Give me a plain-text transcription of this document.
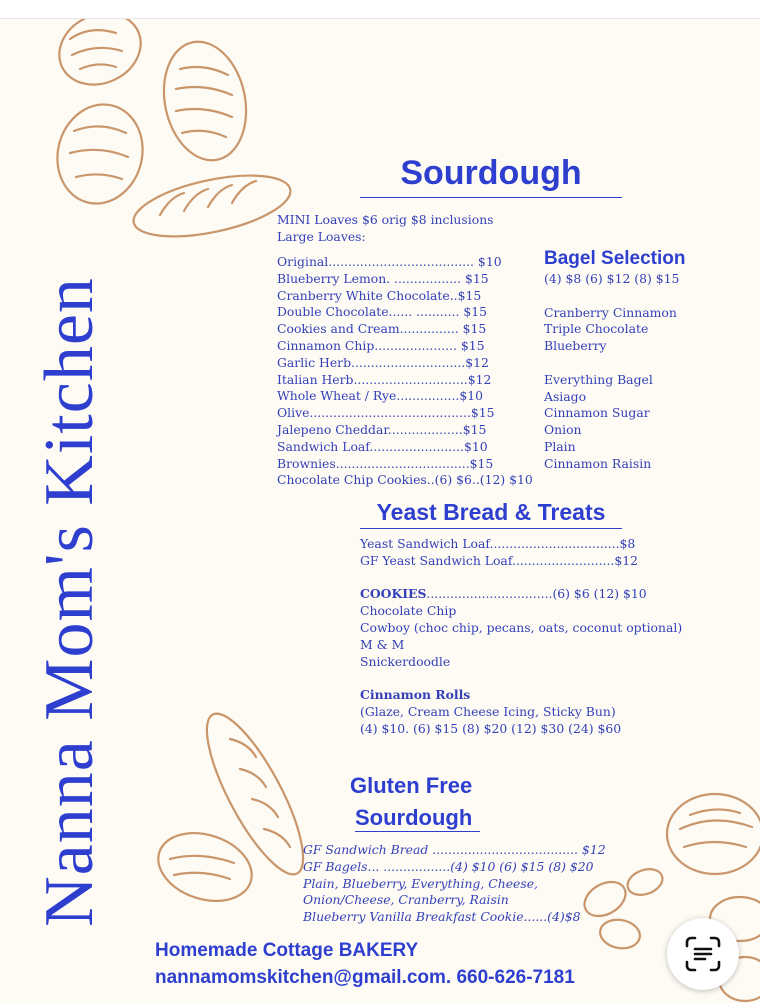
Nanna Mom's Kitchen
Sourdough
MINI Loaves $6 orig $8 inclusions
Large Loaves:
Original..................................... $10
Blueberry Lemon. ................. $15
Cranberry White Chocolate..$15
Double Chocolate...... ........... $15
Cookies and Cream............... $15
Cinnamon Chip..................... $15
Garlic Herb.............................$12
Italian Herb.............................$12
Whole Wheat / Rye................$10
Olive.........................................$15
Jalepeno Cheddar...................$15
Sandwich Loaf........................$10
Brownies..................................$15
Chocolate Chip Cookies..(6) $6..(12) $10
Bagel Selection
(4) $8 (6) $12 (8) $15
Cranberry Cinnamon
Triple Chocolate
Blueberry
Everything Bagel
Asiago
Cinnamon Sugar
Onion
Plain
Cinnamon Raisin
Yeast Bread & Treats
Yeast Sandwich Loaf.................................$8
GF Yeast Sandwich Loaf..........................$12
COOKIES................................(6) $6 (12) $10
Chocolate Chip
Cowboy (choc chip, pecans, oats, coconut optional)
M & M
Snickerdoodle
Cinnamon Rolls
(Glaze, Cream Cheese Icing, Sticky Bun)
(4) $10. (6) $15 (8) $20 (12) $30 (24) $60
Gluten Free
Sourdough
GF Sandwich Bread ..................................... $12
GF Bagels... .................(4) $10 (6) $15 (8) $20
Plain, Blueberry, Everything, Cheese,
Onion/Cheese, Cranberry, Raisin
Blueberry Vanilla Breakfast Cookie......(4)$8
Homemade Cottage BAKERY
nannamomskitchen@gmail.com. 660-626-7181
